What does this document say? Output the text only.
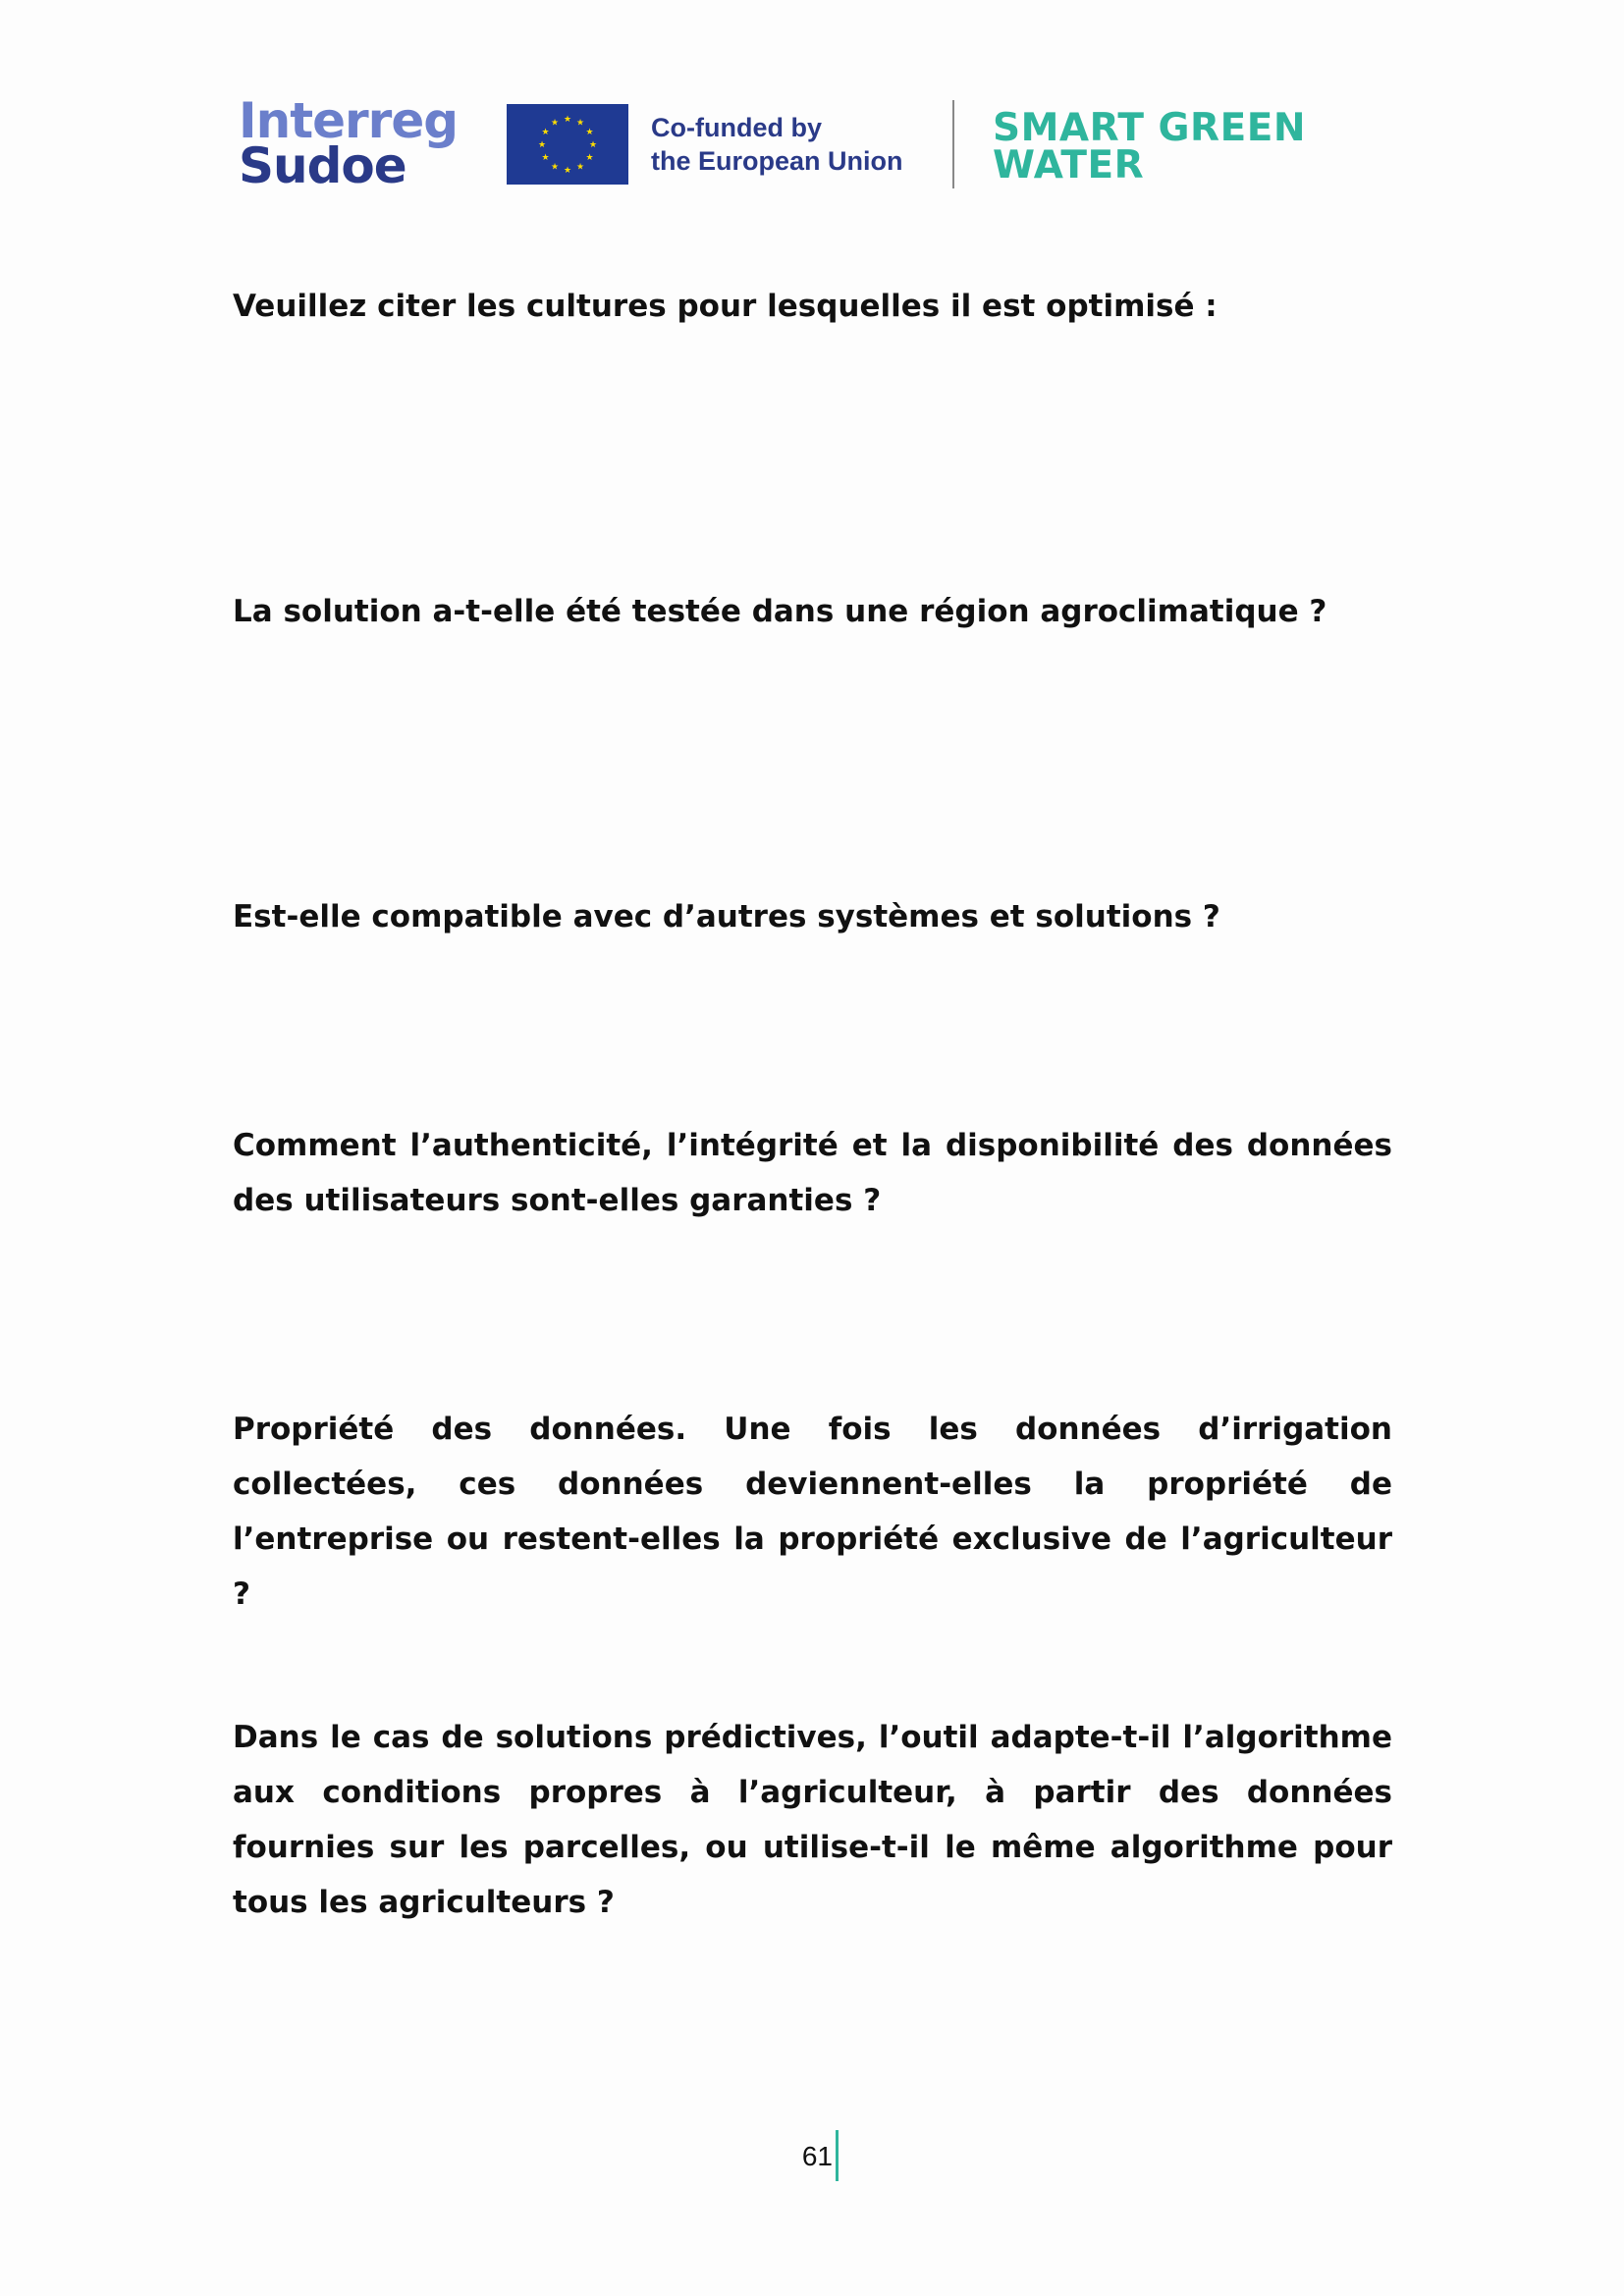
Interreg
Sudoe
★ ★
★
★
★
★
★
★
★
★
★
★	Co-funded by
the European Union
SMART GREEN
WATER

Veuillez citer les cultures pour lesquelles il est optimisé :

La solution a-t-elle été testée dans une région agroclimatique ?

Est-elle compatible avec d’autres systèmes et solutions ?

Comment l’authenticité, l’intégrité et la disponibilité des données des utilisateurs sont-elles garanties ?

Propriété des données. Une fois les données d’irrigation collectées, ces données deviennent-elles la propriété de l’entreprise ou restent-elles la propriété exclusive de l’agriculteur ?

Dans le cas de solutions prédictives, l’outil adapte-t-il l’algorithme aux conditions propres à l’agriculteur, à partir des données fournies sur les parcelles, ou utilise-t-il le même algorithme pour tous les agriculteurs ?

61
